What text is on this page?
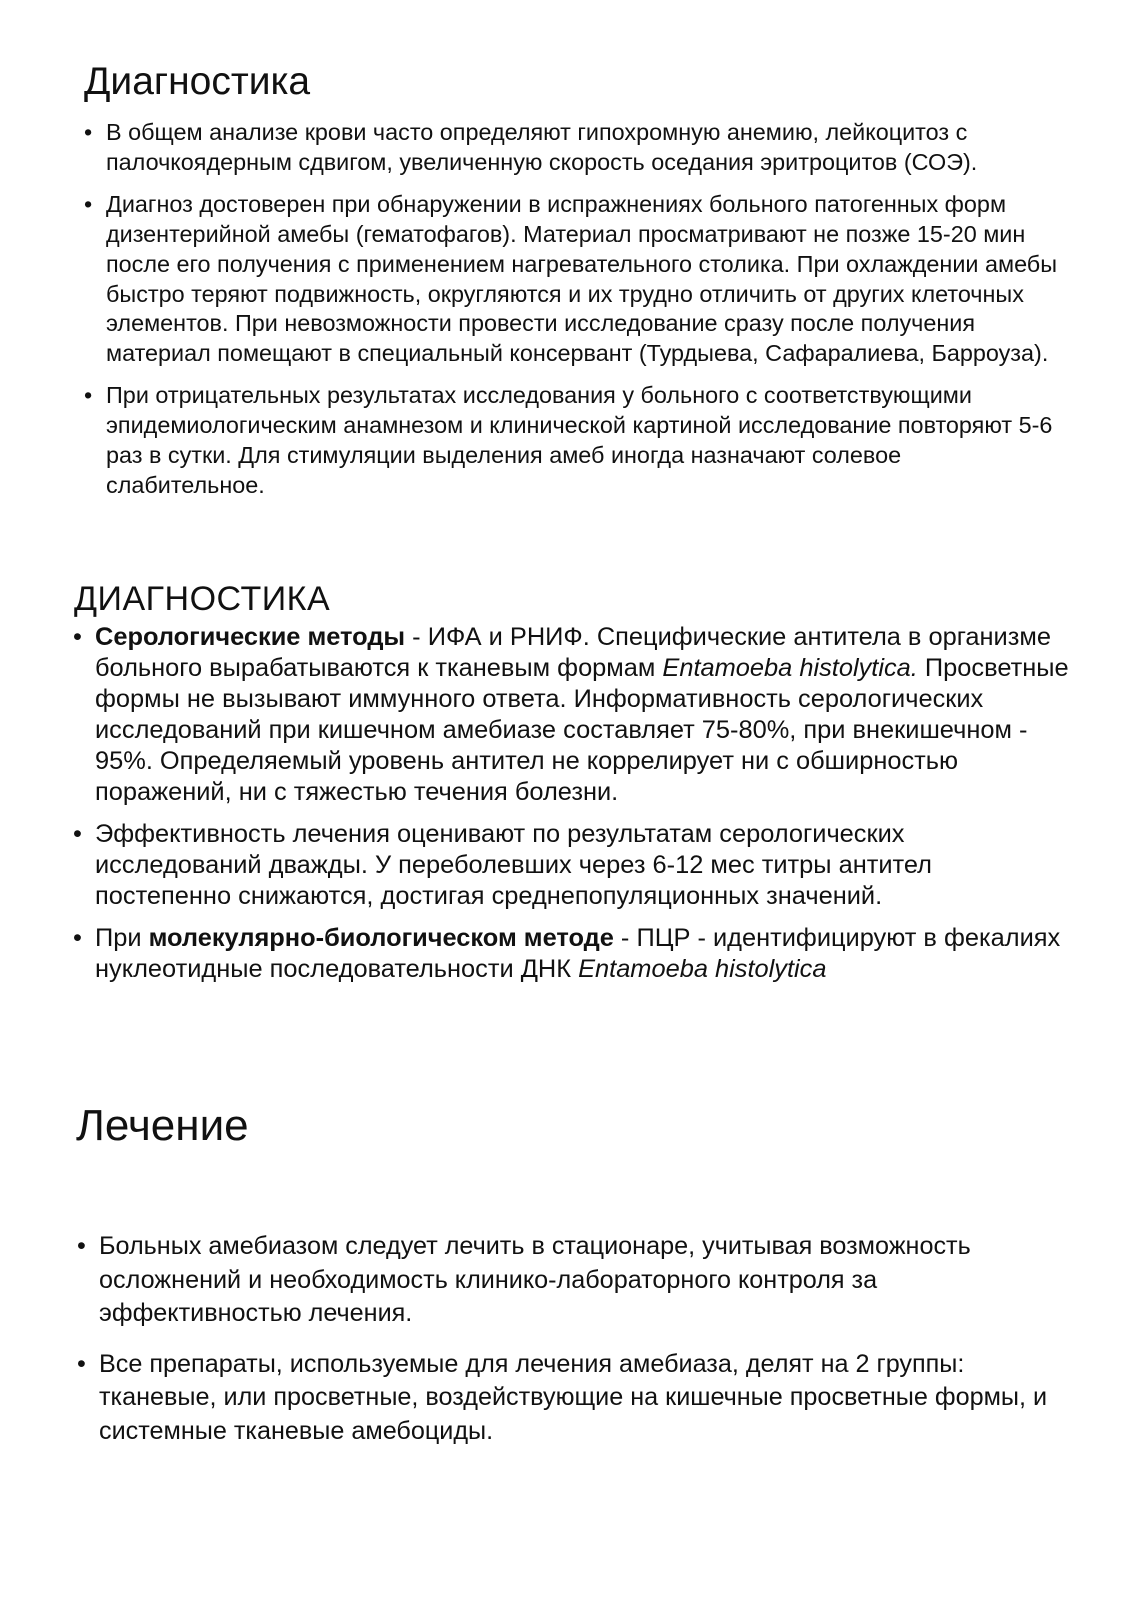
Диагностика
• В общем анализе крови часто определяют гипохромную анемию, лейкоцитоз с палочкоядерным сдвигом, увеличенную скорость оседания эритроцитов (СОЭ).
• Диагноз достоверен при обнаружении в испражнениях больного патогенных форм дизентерийной амебы (гематофагов). Материал просматривают не позже 15-20 мин после его получения с применением нагревательного столика. При охлаждении амебы быстро теряют подвижность, округляются и их трудно отличить от других клеточных элементов. При невозможности провести исследование сразу после получения материал помещают в специальный консервант (Турдыева, Сафаралиева, Барроуза).
• При отрицательных результатах исследования у больного с соответствующими эпидемиологическим анамнезом и клинической картиной исследование повторяют 5-6 раз в сутки. Для стимуляции выделения амеб иногда назначают солевое слабительное.
ДИАГНОСТИКА
• Серологические методы - ИФА и РНИФ. Специфические антитела в организме больного вырабатываются к тканевым формам Entamoeba histolytica. Просветные формы не вызывают иммунного ответа. Информативность серологических исследований при кишечном амебиазе составляет 75-80%, при внекишечном - 95%. Определяемый уровень антител не коррелирует ни с обширностью поражений, ни с тяжестью течения болезни.
• Эффективность лечения оценивают по результатам серологических исследований дважды. У переболевших через 6-12 мес титры антител постепенно снижаются, достигая среднепопуляционных значений.
• При молекулярно-биологическом методе - ПЦР - идентифицируют в фекалиях нуклеотидные последовательности ДНК Entamoeba histolytica
Лечение
• Больных амебиазом следует лечить в стационаре, учитывая возможность осложнений и необходимость клинико-лабораторного контроля за эффективностью лечения.
• Все препараты, используемые для лечения амебиаза, делят на 2 группы: тканевые, или просветные, воздействующие на кишечные просветные формы, и системные тканевые амебоциды.
